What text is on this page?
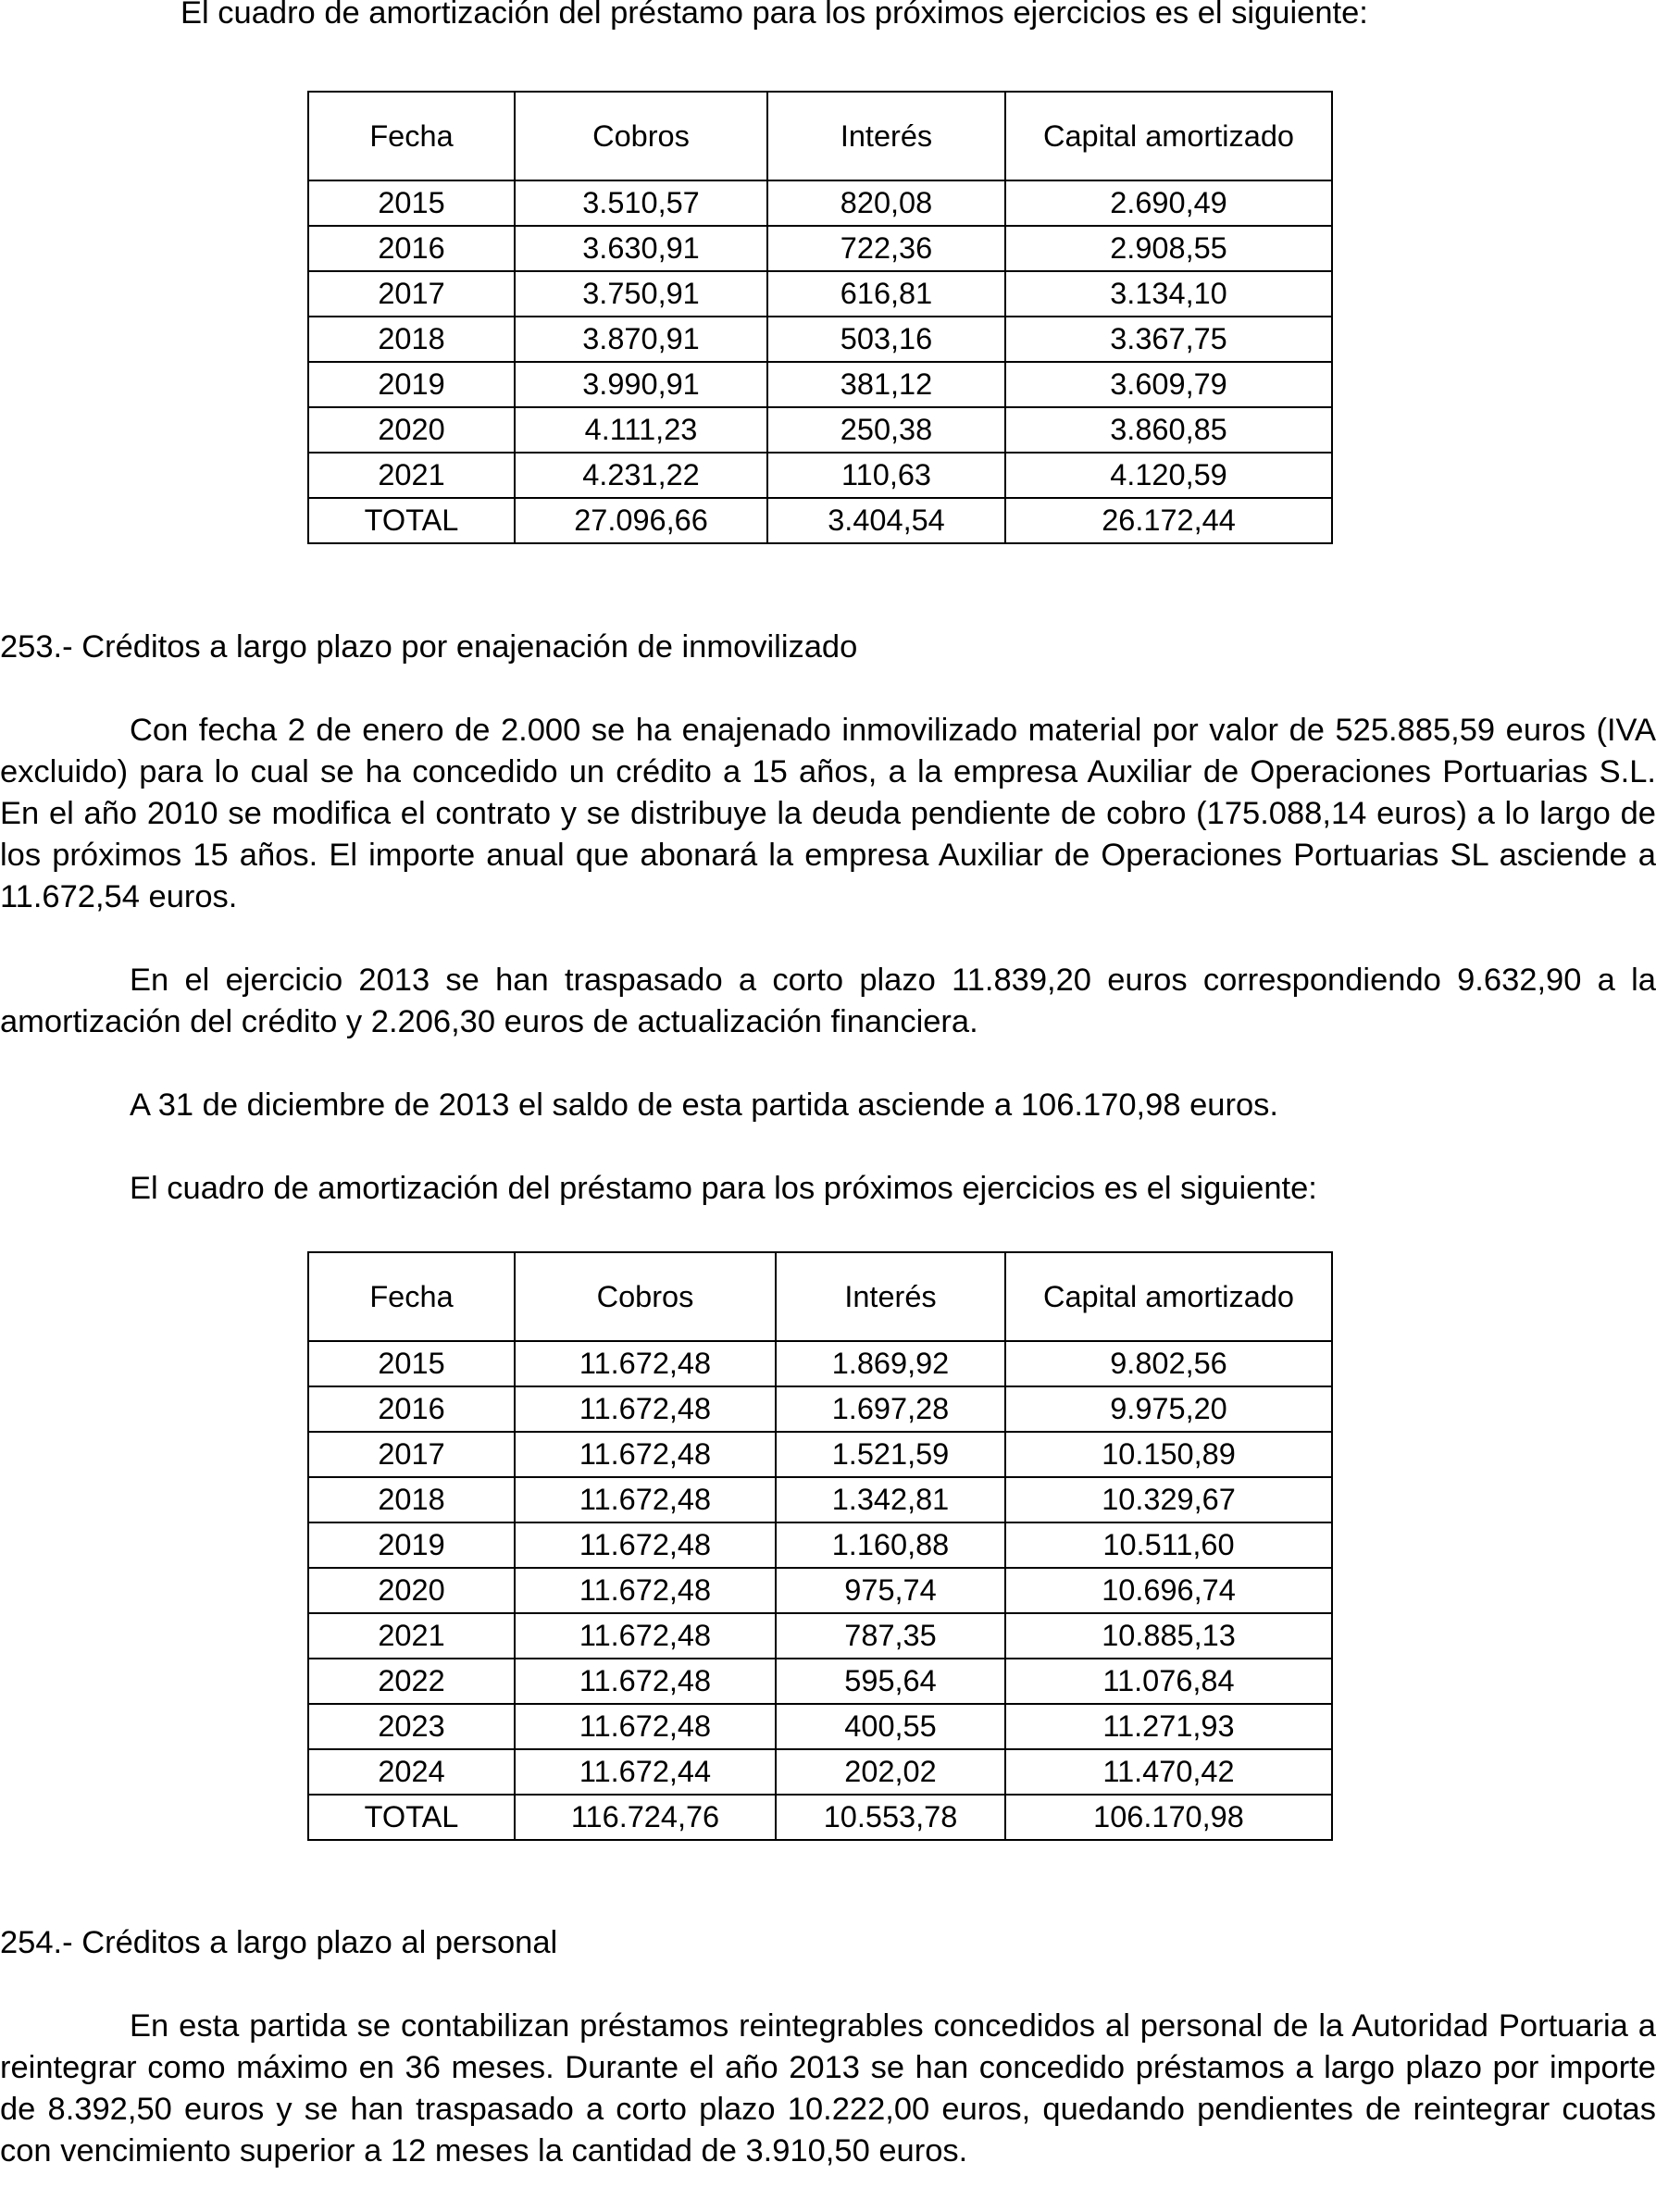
El cuadro de amortización del préstamo para los próximos ejercicios es el siguiente:

Fecha	Cobros	Interés	Capital amortizado
2015	3.510,57	820,08	2.690,49
2016	3.630,91	722,36	2.908,55
2017	3.750,91	616,81	3.134,10
2018	3.870,91	503,16	3.367,75
2019	3.990,91	381,12	3.609,79
2020	4.111,23	250,38	3.860,85
2021	4.231,22	110,63	4.120,59
TOTAL	27.096,66	3.404,54	26.172,44

253.- Créditos a largo plazo por enajenación de inmovilizado

Con fecha 2 de enero de 2.000 se ha enajenado inmovilizado material por valor de 525.885,59 euros (IVA excluido) para lo cual se ha concedido un crédito a 15 años, a la empresa Auxiliar de Operaciones Portuarias S.L. En el año 2010 se modifica el contrato y se distribuye la deuda pendiente de cobro (175.088,14 euros) a lo largo de los próximos 15 años. El importe anual que abonará la empresa Auxiliar de Operaciones Portuarias SL asciende a 11.672,54 euros.

En el ejercicio 2013 se han traspasado a corto plazo 11.839,20 euros correspondiendo 9.632,90 a la amortización del crédito y 2.206,30 euros de actualización financiera.

A 31 de diciembre de 2013 el saldo de esta partida asciende a 106.170,98 euros.

El cuadro de amortización del préstamo para los próximos ejercicios es el siguiente:

Fecha	Cobros	Interés	Capital amortizado
2015	11.672,48	1.869,92	9.802,56
2016	11.672,48	1.697,28	9.975,20
2017	11.672,48	1.521,59	10.150,89
2018	11.672,48	1.342,81	10.329,67
2019	11.672,48	1.160,88	10.511,60
2020	11.672,48	975,74	10.696,74
2021	11.672,48	787,35	10.885,13
2022	11.672,48	595,64	11.076,84
2023	11.672,48	400,55	11.271,93
2024	11.672,44	202,02	11.470,42
TOTAL	116.724,76	10.553,78	106.170,98

254.- Créditos a largo plazo al personal

En esta partida se contabilizan préstamos reintegrables concedidos al personal de la Autoridad Portuaria a reintegrar como máximo en 36 meses. Durante el año 2013 se han concedido préstamos a largo plazo por importe de 8.392,50 euros y se han traspasado a corto plazo 10.222,00 euros, quedando pendientes de reintegrar cuotas con vencimiento superior a 12 meses la cantidad de 3.910,50 euros.
